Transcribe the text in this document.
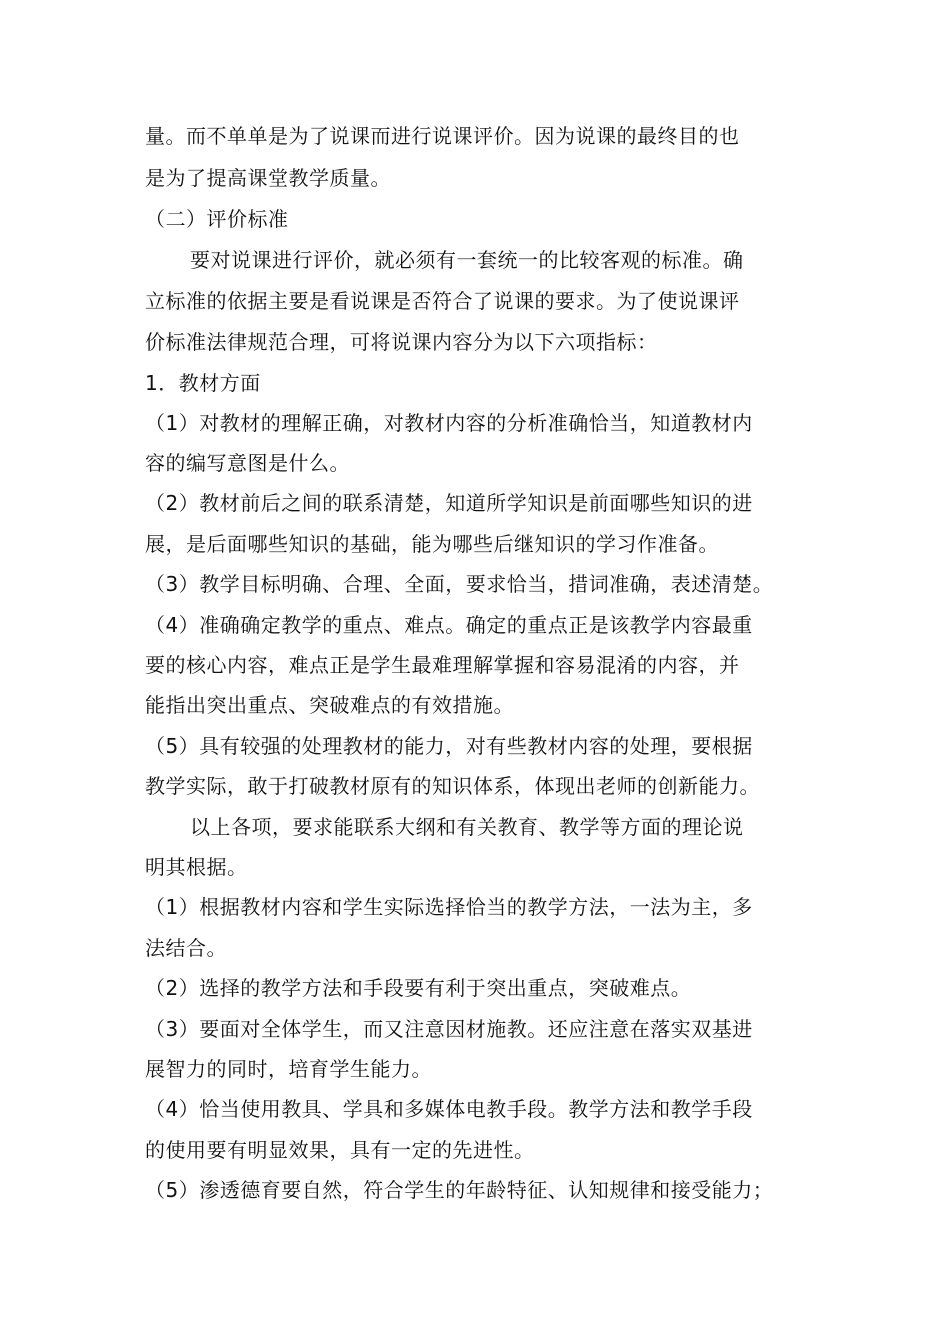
量。而不单单是为了说课而进行说课评价。因为说课的最终目的也
是为了提高课堂教学质量。
（二）评价标准
要对说课进行评价，就必须有一套统一的比较客观的标准。确
立标准的依据主要是看说课是否符合了说课的要求。为了使说课评
价标准法律规范合理，可将说课内容分为以下六项指标：
1．教材方面
（1）对教材的理解正确，对教材内容的分析准确恰当，知道教材内
容的编写意图是什么。
（2）教材前后之间的联系清楚，知道所学知识是前面哪些知识的进
展，是后面哪些知识的基础，能为哪些后继知识的学习作准备。
（3）教学目标明确、合理、全面，要求恰当，措词准确，表述清楚。
（4）准确确定教学的重点、难点。确定的重点正是该教学内容最重
要的核心内容，难点正是学生最难理解掌握和容易混淆的内容，并
能指出突出重点、突破难点的有效措施。
（5）具有较强的处理教材的能力，对有些教材内容的处理，要根据
教学实际，敢于打破教材原有的知识体系，体现出老师的创新能力。
以上各项，要求能联系大纲和有关教育、教学等方面的理论说
明其根据。
（1）根据教材内容和学生实际选择恰当的教学方法，一法为主，多
法结合。
（2）选择的教学方法和手段要有利于突出重点，突破难点。
（3）要面对全体学生，而又注意因材施教。还应注意在落实双基进
展智力的同时，培育学生能力。
（4）恰当使用教具、学具和多媒体电教手段。教学方法和教学手段
的使用要有明显效果，具有一定的先进性。
（5）渗透德育要自然，符合学生的年龄特征、认知规律和接受能力；
